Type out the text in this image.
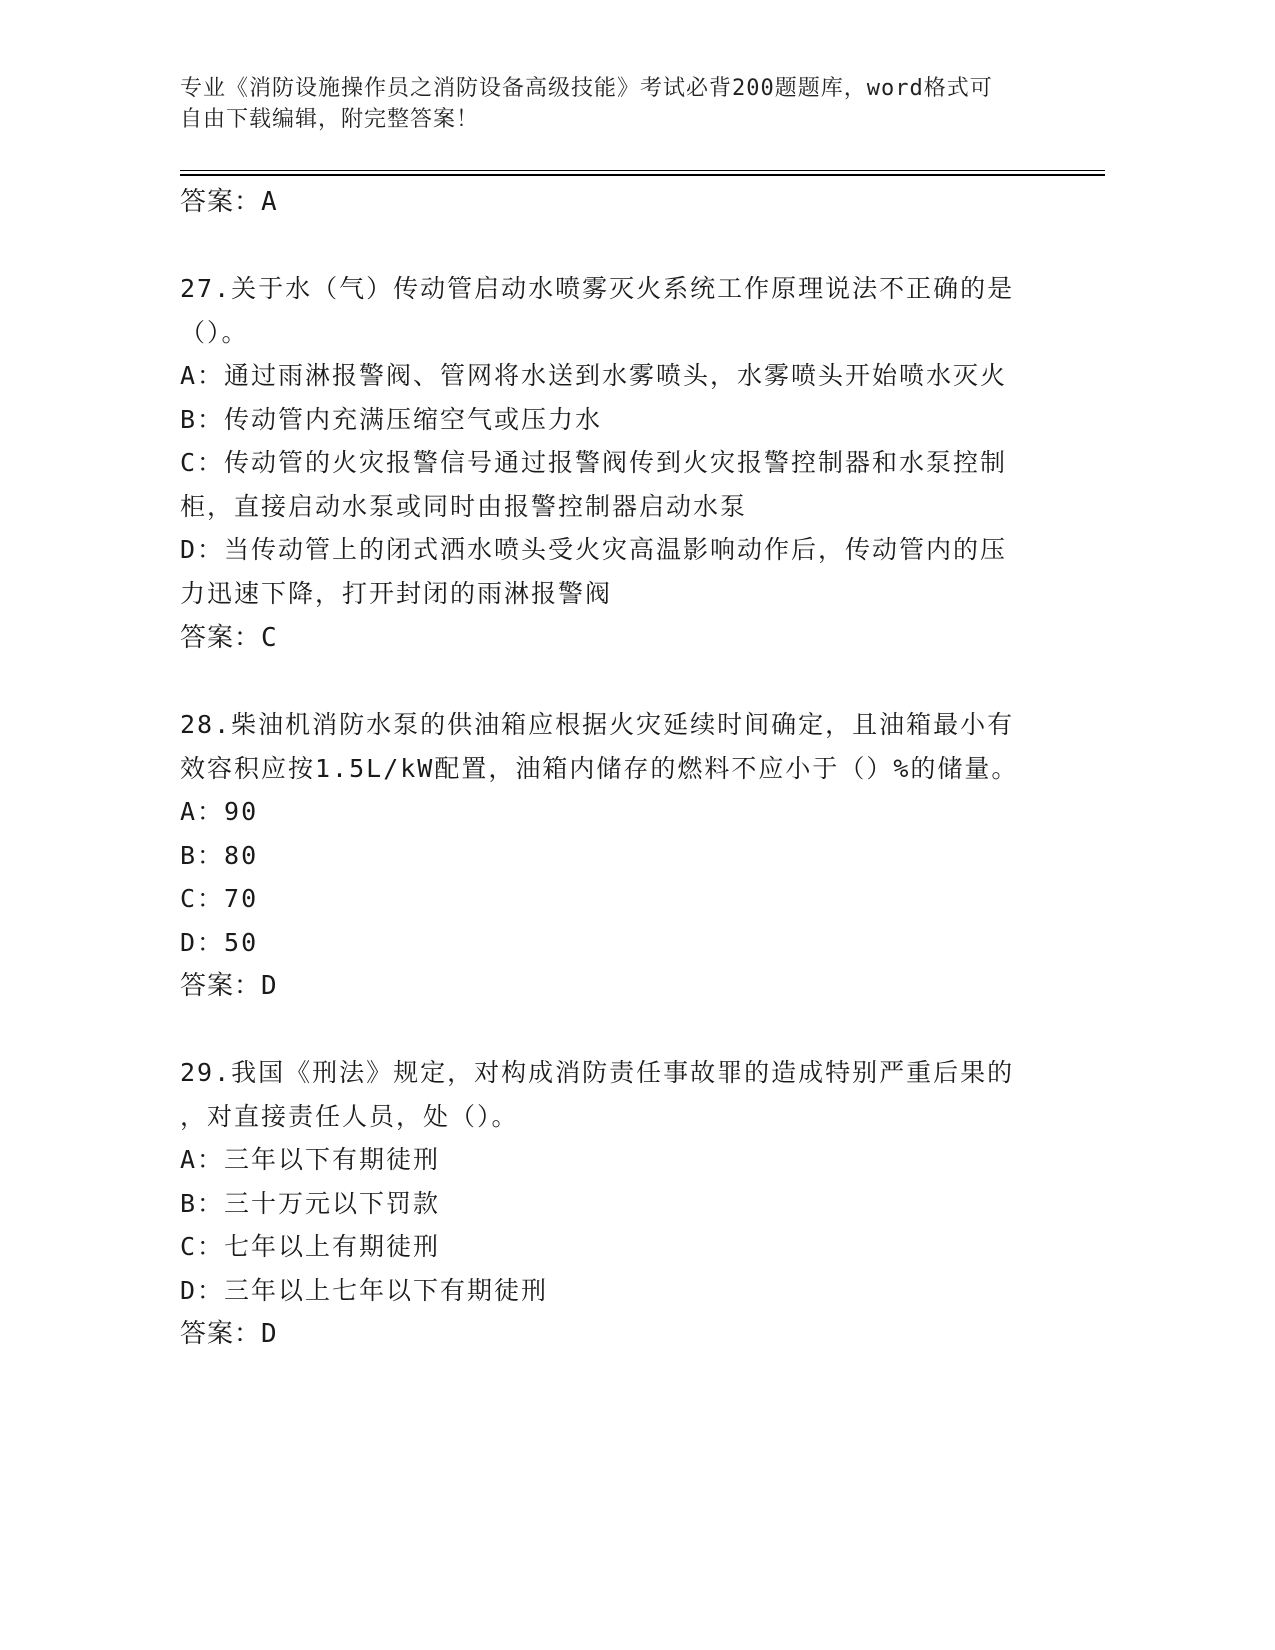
专业《消防设施操作员之消防设备高级技能》考试必背200题题库，word格式可
自由下载编辑，附完整答案！
答案：A
27.关于水（气）传动管启动水喷雾灭火系统工作原理说法不正确的是
（）。
A：通过雨淋报警阀、管网将水送到水雾喷头，水雾喷头开始喷水灭火
B：传动管内充满压缩空气或压力水
C：传动管的火灾报警信号通过报警阀传到火灾报警控制器和水泵控制
柜，直接启动水泵或同时由报警控制器启动水泵
D：当传动管上的闭式洒水喷头受火灾高温影响动作后，传动管内的压
力迅速下降，打开封闭的雨淋报警阀
答案：C
28.柴油机消防水泵的供油箱应根据火灾延续时间确定，且油箱最小有
效容积应按1.5L/kW配置，油箱内储存的燃料不应小于（）%的储量。
A：90
B：80
C：70
D：50
答案：D
29.我国《刑法》规定，对构成消防责任事故罪的造成特别严重后果的
，对直接责任人员，处（）。
A：三年以下有期徒刑
B：三十万元以下罚款
C：七年以上有期徒刑
D：三年以上七年以下有期徒刑
答案：D
